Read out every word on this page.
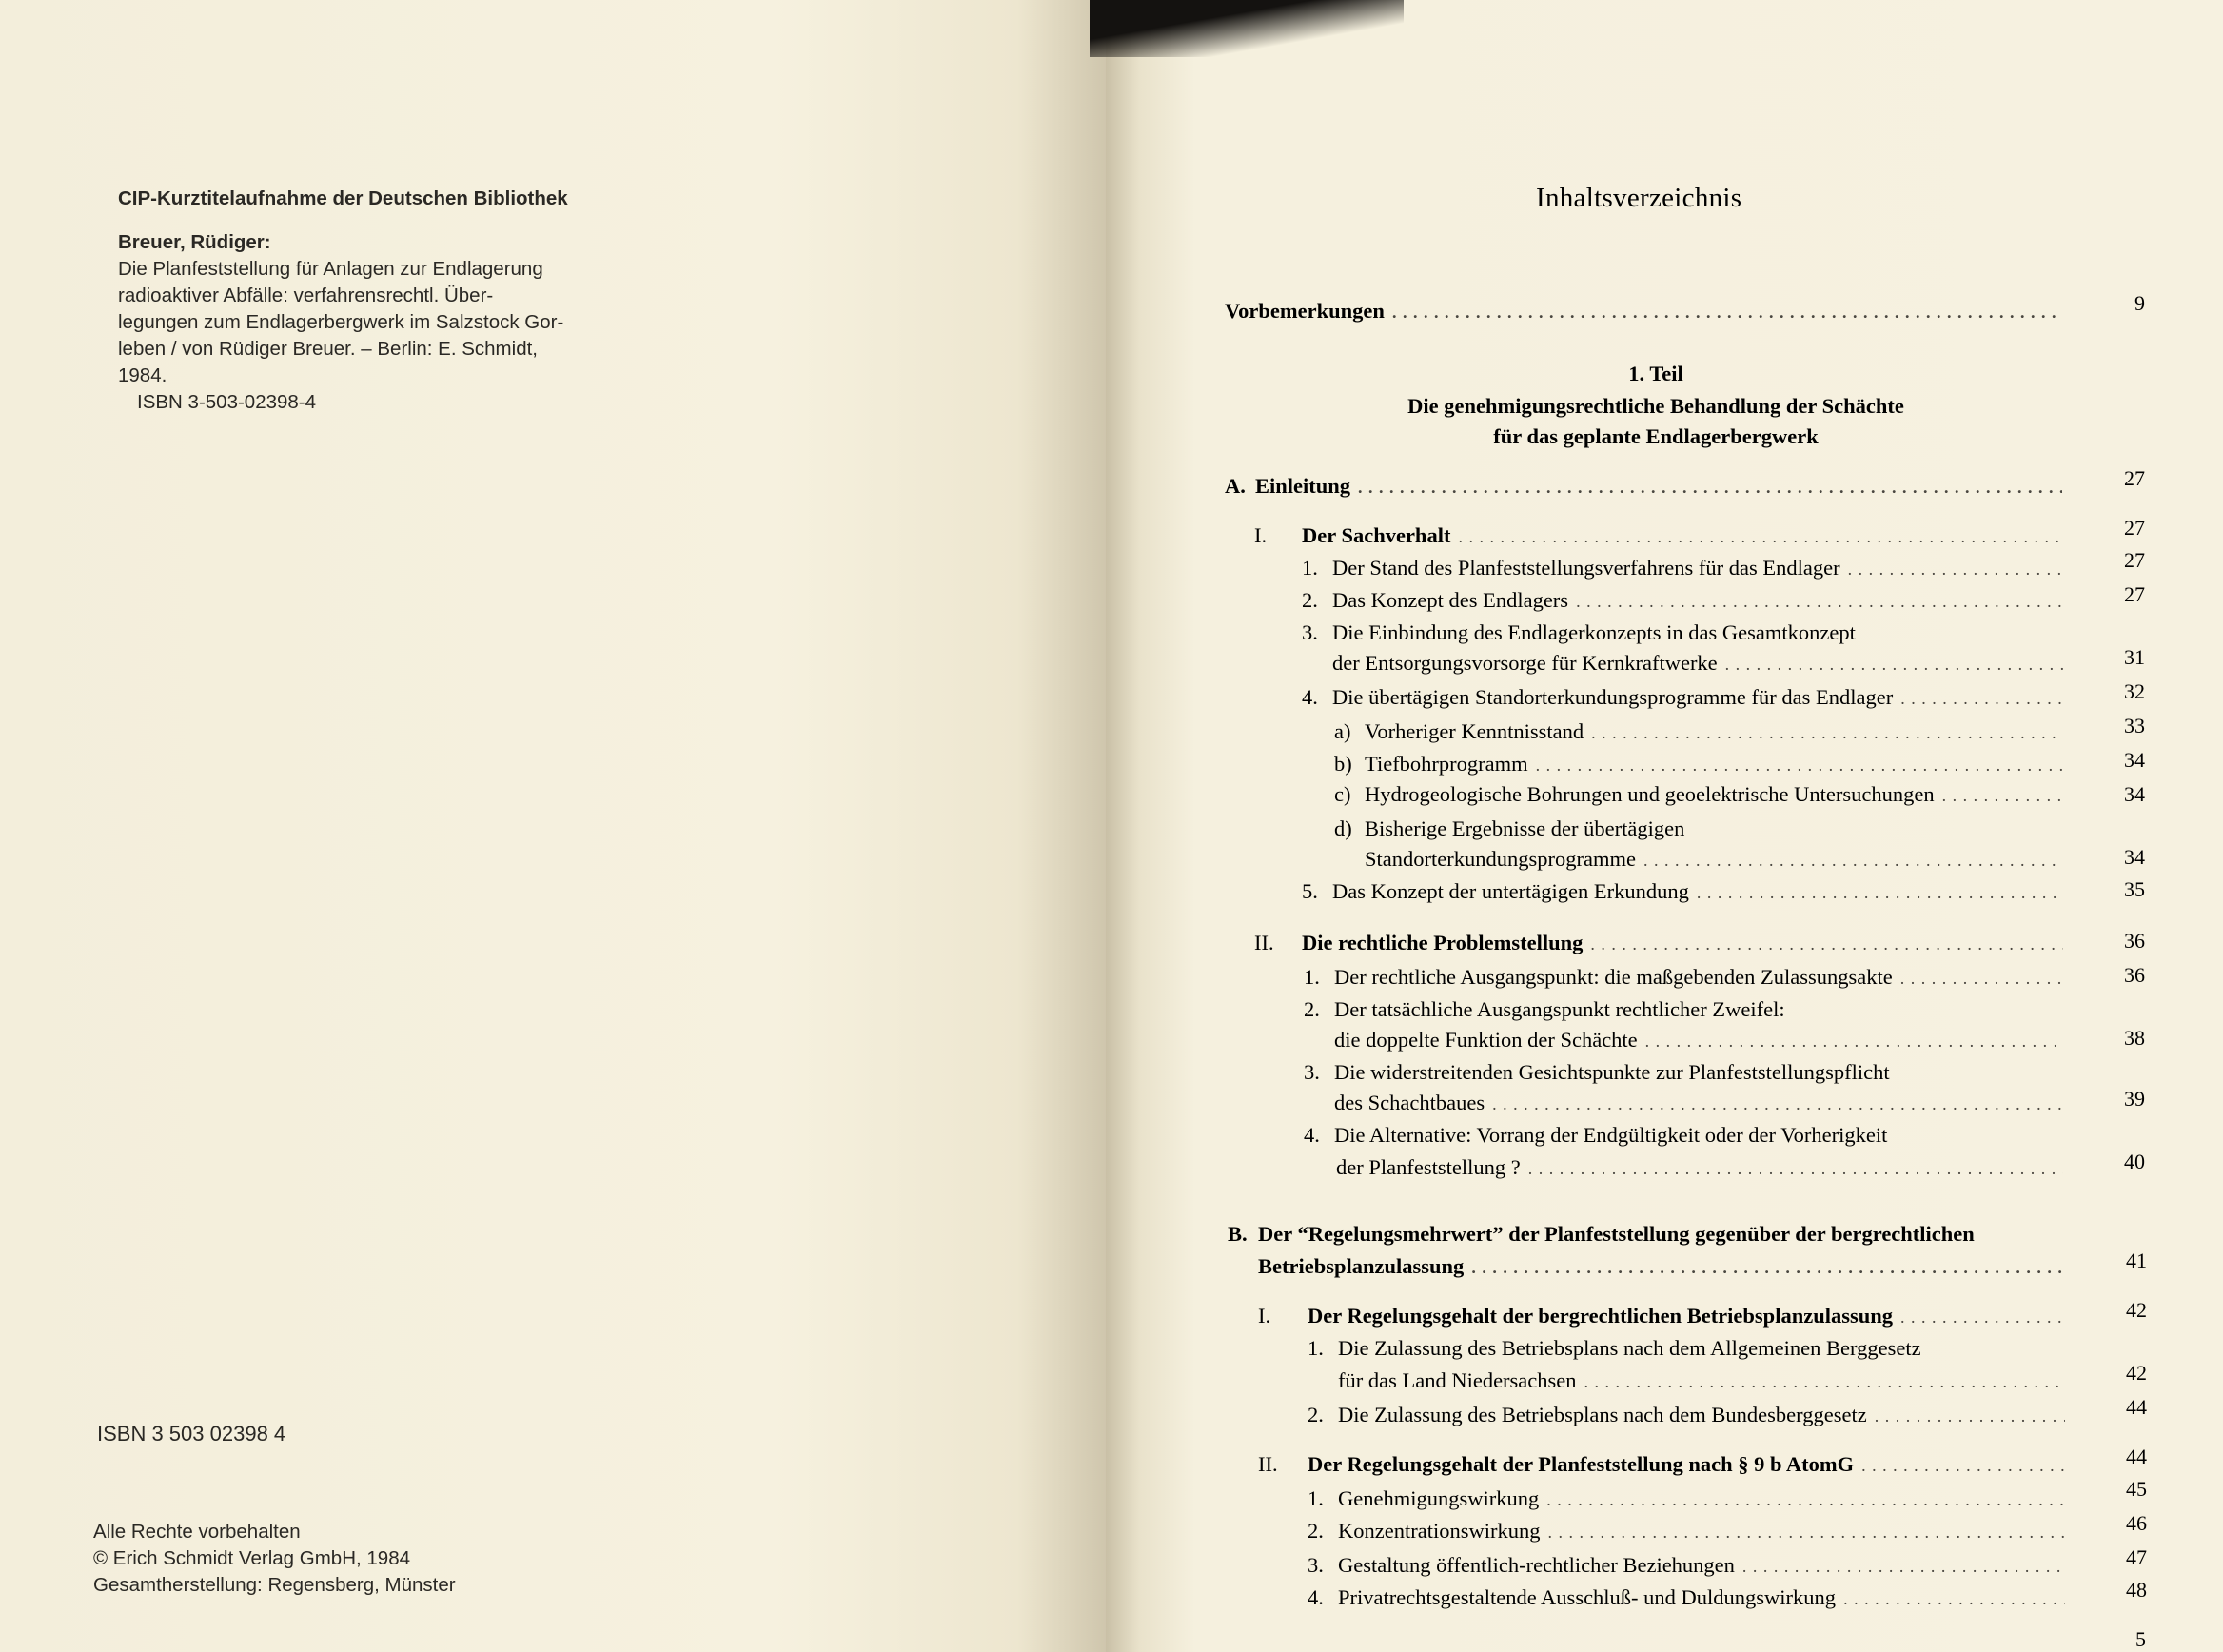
CIP-Kurztitelaufnahme der Deutschen Bibliothek
Breuer, Rüdiger:
Die Planfeststellung für Anlagen zur Endlagerung
radioaktiver Abfälle: verfahrensrechtl. Über-
legungen zum Endlagerbergwerk im Salzstock Gor-
leben / von Rüdiger Breuer. – Berlin: E. Schmidt,
1984.
ISBN 3-503-02398-4
ISBN 3 503 02398 4
Alle Rechte vorbehalten
© Erich Schmidt Verlag GmbH, 1984
Gesamtherstellung: Regensberg, Münster
Inhaltsverzeichnis
Vorbemerkungen . . .	9
1. Teil
Die genehmigungsrechtliche Behandlung der Schächte
für das geplante Endlagerbergwerk
A. Einleitung . . .	27
I.	Der Sachverhalt . . .	27
1. Der Stand des Planfeststellungsverfahrens für das Endlager . . .	27
2. Das Konzept des Endlagers . . .	27
3. Die Einbindung des Endlagerkonzepts in das Gesamtkonzept
der Entsorgungsvorsorge für Kernkraftwerke . . .	31
4. Die übertägigen Standorterkundungsprogramme für das Endlager . . .	32
a) Vorheriger Kenntnisstand . . .	33
b) Tiefbohrprogramm . . .	34
c) Hydrogeologische Bohrungen und geoelektrische Untersuchungen . . .	34
d) Bisherige Ergebnisse der übertägigen
Standorterkundungsprogramme . . .	34
5. Das Konzept der untertägigen Erkundung . . .	35
II.	Die rechtliche Problemstellung . . .	36
1. Der rechtliche Ausgangspunkt: die maßgebenden Zulassungsakte . . .	36
2. Der tatsächliche Ausgangspunkt rechtlicher Zweifel:
die doppelte Funktion der Schächte . . .	38
3. Die widerstreitenden Gesichtspunkte zur Planfeststellungspflicht
des Schachtbaues . . .	39
4. Die Alternative: Vorrang der Endgültigkeit oder der Vorherigkeit
der Planfeststellung ? . . .	40
B. Der “Regelungsmehrwert” der Planfeststellung gegenüber der bergrechtlichen
Betriebsplanzulassung . . .	41
I.	Der Regelungsgehalt der bergrechtlichen Betriebsplanzulassung . . .	42
1. Die Zulassung des Betriebsplans nach dem Allgemeinen Berggesetz
für das Land Niedersachsen . . .	42
2. Die Zulassung des Betriebsplans nach dem Bundesberggesetz . . .	44
II.	Der Regelungsgehalt der Planfeststellung nach § 9 b AtomG . . .	44
1. Genehmigungswirkung . . .	45
2. Konzentrationswirkung . . .	46
3. Gestaltung öffentlich-rechtlicher Beziehungen . . .	47
4. Privatrechtsgestaltende Ausschluß- und Duldungswirkung . . .	48
5
